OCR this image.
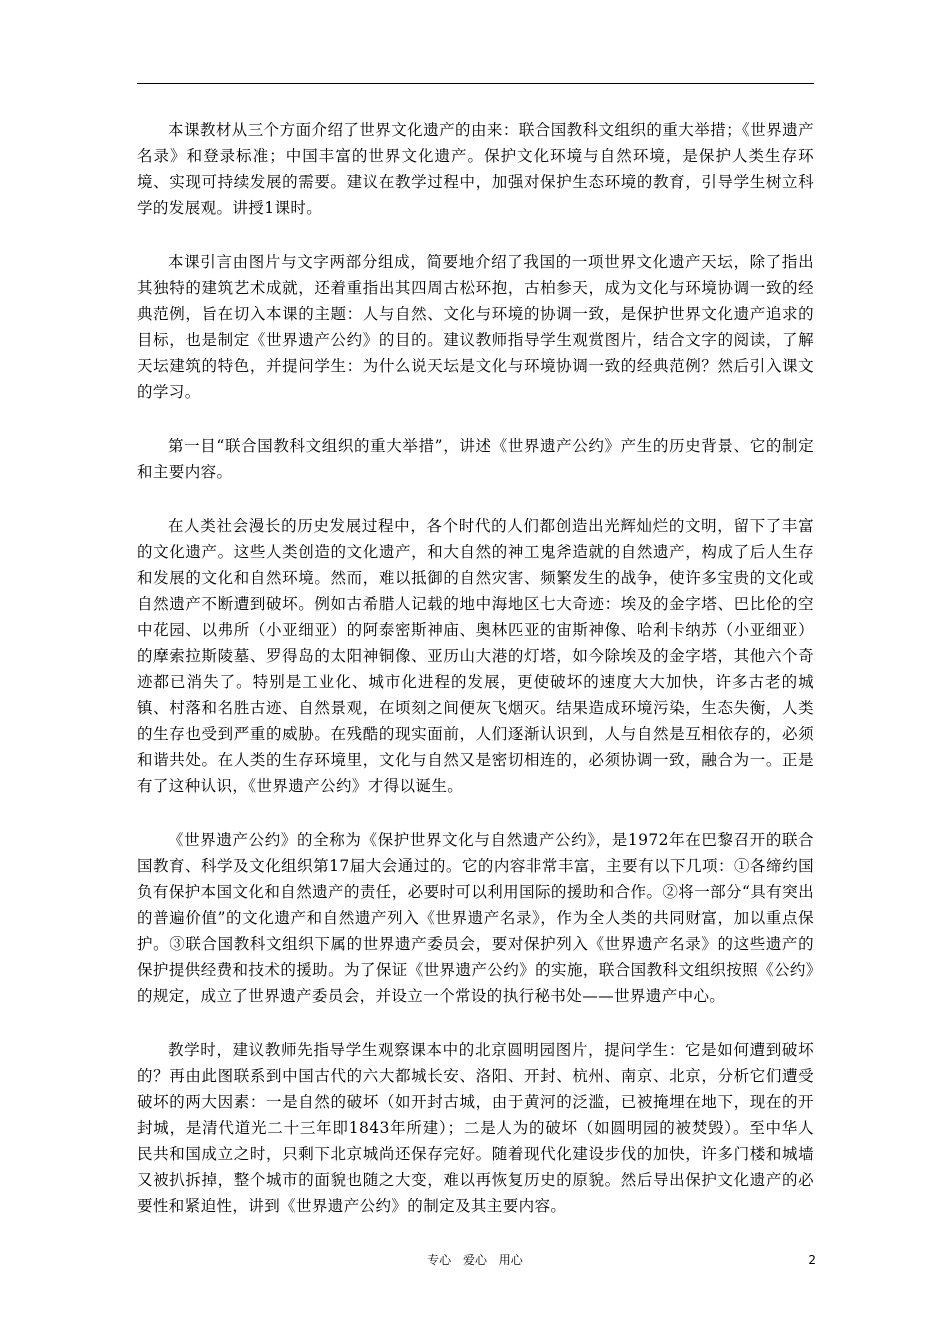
本课教材从三个方面介绍了世界文化遗产的由来：联合国教科文组织的重大举措；《世界遗产名录》和登录标准；中国丰富的世界文化遗产。保护文化环境与自然环境，是保护人类生存环境、实现可持续发展的需要。建议在教学过程中，加强对保护生态环境的教育，引导学生树立科学的发展观。讲授1课时。

本课引言由图片与文字两部分组成，简要地介绍了我国的一项世界文化遗产天坛，除了指出其独特的建筑艺术成就，还着重指出其四周古松环抱，古柏参天，成为文化与环境协调一致的经典范例，旨在切入本课的主题：人与自然、文化与环境的协调一致，是保护世界文化遗产追求的目标，也是制定《世界遗产公约》的目的。建议教师指导学生观赏图片，结合文字的阅读，了解天坛建筑的特色，并提问学生：为什么说天坛是文化与环境协调一致的经典范例？然后引入课文的学习。

第一目“联合国教科文组织的重大举措”，讲述《世界遗产公约》产生的历史背景、它的制定和主要内容。

在人类社会漫长的历史发展过程中，各个时代的人们都创造出光辉灿烂的文明，留下了丰富的文化遗产。这些人类创造的文化遗产，和大自然的神工鬼斧造就的自然遗产，构成了后人生存和发展的文化和自然环境。然而，难以抵御的自然灾害、频繁发生的战争，使许多宝贵的文化或自然遗产不断遭到破坏。例如古希腊人记载的地中海地区七大奇迹：埃及的金字塔、巴比伦的空中花园、以弗所（小亚细亚）的阿泰密斯神庙、奥林匹亚的宙斯神像、哈利卡纳苏（小亚细亚）的摩索拉斯陵墓、罗得岛的太阳神铜像、亚历山大港的灯塔，如今除埃及的金字塔，其他六个奇迹都已消失了。特别是工业化、城市化进程的发展，更使破坏的速度大大加快，许多古老的城镇、村落和名胜古迹、自然景观，在顷刻之间便灰飞烟灭。结果造成环境污染，生态失衡，人类的生存也受到严重的威胁。在残酷的现实面前，人们逐渐认识到，人与自然是互相依存的，必须和谐共处。在人类的生存环境里，文化与自然又是密切相连的，必须协调一致，融合为一。正是有了这种认识，《世界遗产公约》才得以诞生。

《世界遗产公约》的全称为《保护世界文化与自然遗产公约》，是1972年在巴黎召开的联合国教育、科学及文化组织第17届大会通过的。它的内容非常丰富，主要有以下几项：①各缔约国负有保护本国文化和自然遗产的责任，必要时可以利用国际的援助和合作。②将一部分“具有突出的普遍价值”的文化遗产和自然遗产列入《世界遗产名录》，作为全人类的共同财富，加以重点保护。③联合国教科文组织下属的世界遗产委员会，要对保护列入《世界遗产名录》的这些遗产的保护提供经费和技术的援助。为了保证《世界遗产公约》的实施，联合国教科文组织按照《公约》的规定，成立了世界遗产委员会，并设立一个常设的执行秘书处——世界遗产中心。

教学时，建议教师先指导学生观察课本中的北京圆明园图片，提问学生：它是如何遭到破坏的？再由此图联系到中国古代的六大都城长安、洛阳、开封、杭州、南京、北京，分析它们遭受破坏的两大因素：一是自然的破坏（如开封古城，由于黄河的泛滥，已被掩埋在地下，现在的开封城，是清代道光二十三年即1843年所建）；二是人为的破坏（如圆明园的被焚毁）。至中华人民共和国成立之时，只剩下北京城尚还保存完好。随着现代化建设步伐的加快，许多门楼和城墙又被扒拆掉，整个城市的面貌也随之大变，难以再恢复历史的原貌。然后导出保护文化遗产的必要性和紧迫性，讲到《世界遗产公约》的制定及其主要内容。

专心 爱心 用心	2
